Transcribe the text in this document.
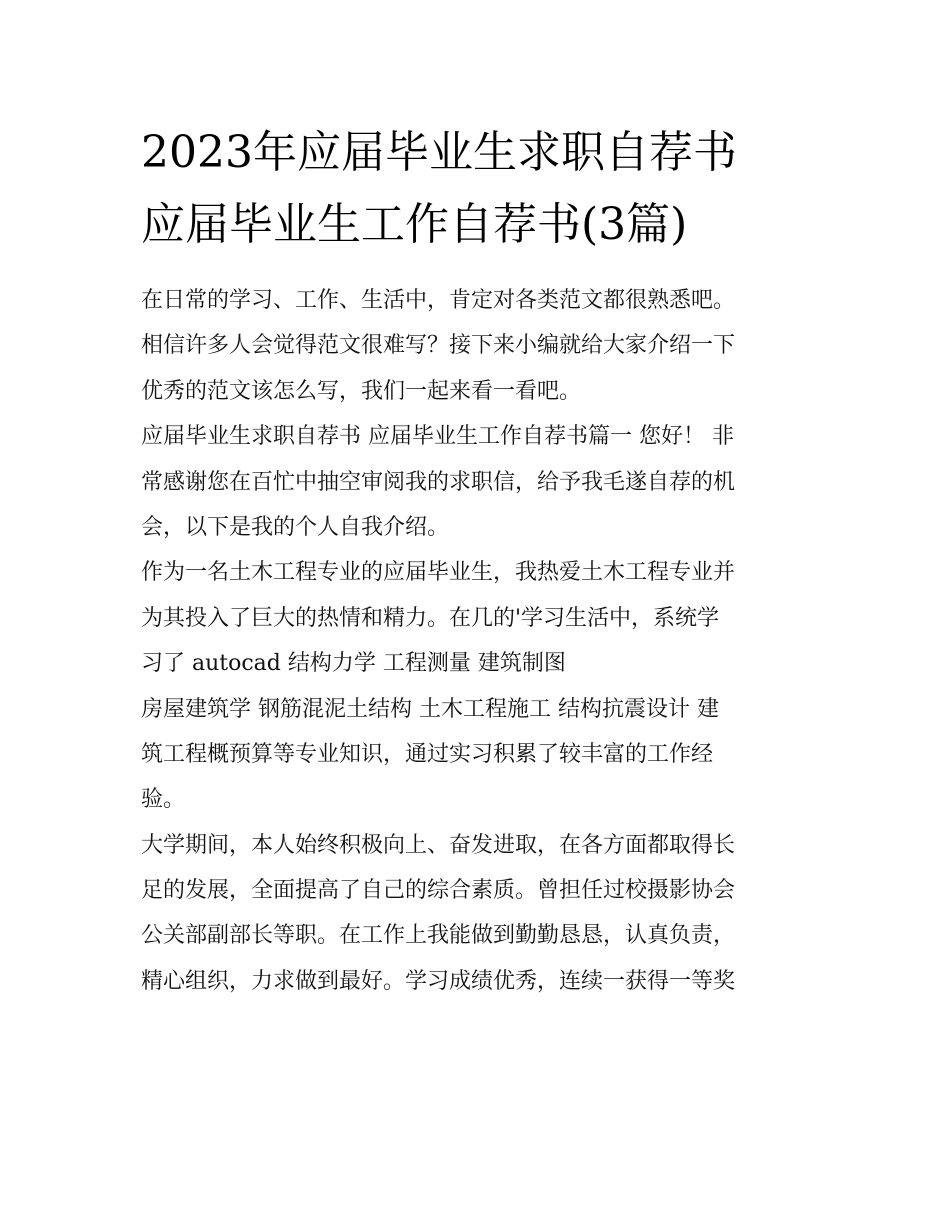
2023年应届毕业生求职自荐书
应届毕业生工作自荐书(3篇)
在日常的学习、工作、生活中，肯定对各类范文都很熟悉吧。
相信许多人会觉得范文很难写？接下来小编就给大家介绍一下
优秀的范文该怎么写，我们一起来看一看吧。
应届毕业生求职自荐书 应届毕业生工作自荐书篇一 您好！ 非
常感谢您在百忙中抽空审阅我的求职信，给予我毛遂自荐的机
会，以下是我的个人自我介绍。
作为一名土木工程专业的应届毕业生，我热爱土木工程专业并
为其投入了巨大的热情和精力。在几的'学习生活中，系统学
习了 autocad 结构力学 工程测量 建筑制图
房屋建筑学 钢筋混泥土结构 土木工程施工 结构抗震设计 建
筑工程概预算等专业知识，通过实习积累了较丰富的工作经
验。
大学期间，本人始终积极向上、奋发进取，在各方面都取得长
足的发展，全面提高了自己的综合素质。曾担任过校摄影协会
公关部副部长等职。在工作上我能做到勤勤恳恳，认真负责，
精心组织，力求做到最好。学习成绩优秀，连续一获得一等奖
